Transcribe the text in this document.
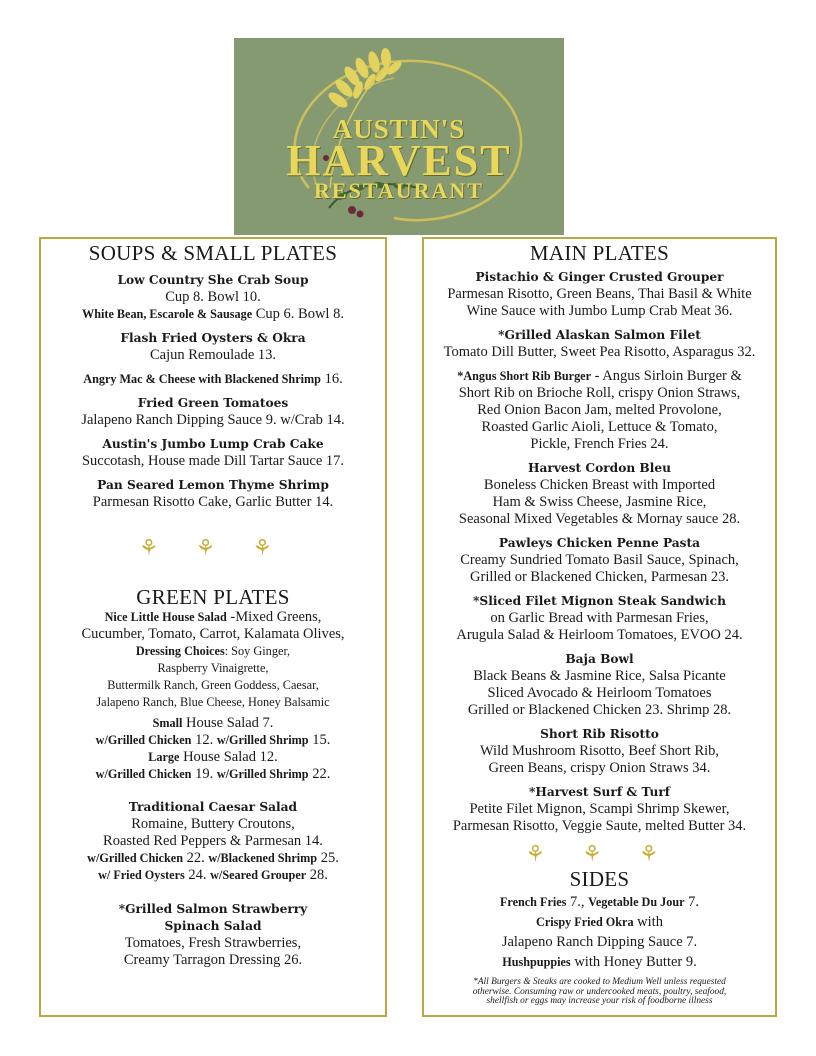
AUSTIN'S
HARVEST
RESTAURANT
SOUPS & SMALL PLATES
Low Country She Crab Soup
Cup 8. Bowl 10.
White Bean, Escarole & Sausage Cup 6. Bowl 8.
Flash Fried Oysters & Okra
Cajun Remoulade 13.
Angry Mac & Cheese with Blackened Shrimp 16.
Fried Green Tomatoes
Jalapeno Ranch Dipping Sauce 9. w/Crab 14.
Austin's Jumbo Lump Crab Cake
Succotash, House made Dill Tartar Sauce 17.
Pan Seared Lemon Thyme Shrimp
Parmesan Risotto Cake, Garlic Butter 14.
⚘ ⚘ ⚘
GREEN PLATES
Nice Little House Salad -Mixed Greens,
Cucumber, Tomato, Carrot, Kalamata Olives,
Dressing Choices: Soy Ginger,
Raspberry Vinaigrette,
Buttermilk Ranch, Green Goddess, Caesar,
Jalapeno Ranch, Blue Cheese, Honey Balsamic
Small House Salad 7.
w/Grilled Chicken 12. w/Grilled Shrimp 15.
Large House Salad 12.
w/Grilled Chicken 19. w/Grilled Shrimp 22.
Traditional Caesar Salad
Romaine, Buttery Croutons,
Roasted Red Peppers & Parmesan 14.
w/Grilled Chicken 22. w/Blackened Shrimp 25.
w/ Fried Oysters 24. w/Seared Grouper 28.
*Grilled Salmon Strawberry
Spinach Salad
Tomatoes, Fresh Strawberries,
Creamy Tarragon Dressing 26.
MAIN PLATES
Pistachio & Ginger Crusted Grouper
Parmesan Risotto, Green Beans, Thai Basil & White
Wine Sauce with Jumbo Lump Crab Meat 36.
*Grilled Alaskan Salmon Filet
Tomato Dill Butter, Sweet Pea Risotto, Asparagus 32.
*Angus Short Rib Burger - Angus Sirloin Burger &
Short Rib on Brioche Roll, crispy Onion Straws,
Red Onion Bacon Jam, melted Provolone,
Roasted Garlic Aioli, Lettuce & Tomato,
Pickle, French Fries 24.
Harvest Cordon Bleu
Boneless Chicken Breast with Imported
Ham & Swiss Cheese, Jasmine Rice,
Seasonal Mixed Vegetables & Mornay sauce 28.
Pawleys Chicken Penne Pasta
Creamy Sundried Tomato Basil Sauce, Spinach,
Grilled or Blackened Chicken, Parmesan 23.
*Sliced Filet Mignon Steak Sandwich
on Garlic Bread with Parmesan Fries,
Arugula Salad & Heirloom Tomatoes, EVOO 24.
Baja Bowl
Black Beans & Jasmine Rice, Salsa Picante
Sliced Avocado & Heirloom Tomatoes
Grilled or Blackened Chicken 23. Shrimp 28.
Short Rib Risotto
Wild Mushroom Risotto, Beef Short Rib,
Green Beans, crispy Onion Straws 34.
*Harvest Surf & Turf
Petite Filet Mignon, Scampi Shrimp Skewer,
Parmesan Risotto, Veggie Saute, melted Butter 34.
⚘ ⚘ ⚘
SIDES
French Fries 7., Vegetable Du Jour 7.
Crispy Fried Okra with
Jalapeno Ranch Dipping Sauce 7.
Hushpuppies with Honey Butter 9.
*All Burgers & Steaks are cooked to Medium Well unless requested
otherwise. Consuming raw or undercooked meats, poultry, seafood,
shellfish or eggs may increase your risk of foodborne illness
